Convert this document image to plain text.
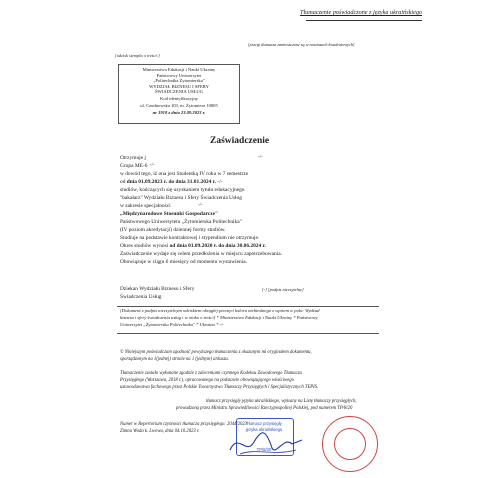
Tłumaczenie poświadczone z języka ukraińskiego
[przegi tłumacza zamieszczone są w nawiasach kwadratowych]
[odcisk stempla o treści:]
Ministerstwo Edukacji i Nauki Ukrainy
Państwowy Uniwersytet
„Politechnika Żytomierska"
WYDZIAŁ BIZNESU I SFERY
ŚWIADCZENIA USŁUG
Kod identyfikacyjny
ul. Czudnowska 103, m. Żytomierz 10005
nr 1918 z dnia 23.09.2023 r.
Zaświadczenie
Otrzymuje j	-/-
Grupa ME-6 -/-
w dowód tego, iż ona jest Studentką IV roku w 7 semestrze
od dnia 01.09.2023 r. do dnia 31.01.2024 r. -/-
studiów, kończących się uzyskaniem tytułu edukacyjnego
"bakałarz" Wydziału Biznesu i Sfery Świadczenia Usług
w zakresie specjalności	-/-
„Międzynarodowe Stosunki Gospodarcze"
Państwowego Uniwersytetu „Żytomierska Politechnika"
(IV poziom akredytacji) dziennej formy studiów.
Studiuje na podstawie kontraktowej i stypendium nie otrzymuje.
Okres studiów wynosi od dnia 01.09.2020 r. do dnia 30.06.2024 r.
Zaświadczenie wydaje się celem przedłożenia w miejscu zapotrzebowania.
Obowiązuje w ciągu 6 miesięcy od momentu wystawienia.
Dziekan Wydziału Biznesu i Sfery
Świadczenia Usług
[-] [podpis nieczytelny]
[Dokument z podpis nieczytelnym odciskiem okrągłej pieczęci koloru niebieskiego z wpisem w polu: Wydział
biznesu i sfery świadczenia usług i w otoku o treści] * Ministerstwo Edukacji i Nauki Ukrainy * Państwowy
Uniwersytet „Żytomierska Politechnika" * Ukraina * -/-
© Niniejszym poświadczam zgodność powyższego tłumaczenia z okazanym mi oryginałem dokumentu,
sporządzonym na 1(jednej) stronie na 1 (jednym) arkuszu.
Tłumaczenie zostało wykonane zgodnie z zaleceniami czynnego Kodeksu Zawodowego Tłumacza
Przysięgłego (Warszawa, 2018 r.), opracowanego na podstawie obowiązującego właściwego
ustawodawstwa fachowego przez Polskie Towarzystwo Tłumaczy Przysięgłych i Specjalistycznych TEPIS.
tłumacz przysięgły języka ukraińskiego, wpisany na Listę tłumaczy przysięgłych,
prowadzoną przez Ministra Sprawiedliwości Rzeczypospolitej Polskiej, pod numerem TP/8/20
Numer w Repertorium czynności tłumacza przysięgłego: 2044/2023
Zimna Woda k. Lwowa, dnia 04.10.2023 r.
Tłumacz przysięgły
języka ukraińskiego
TP/8/20
